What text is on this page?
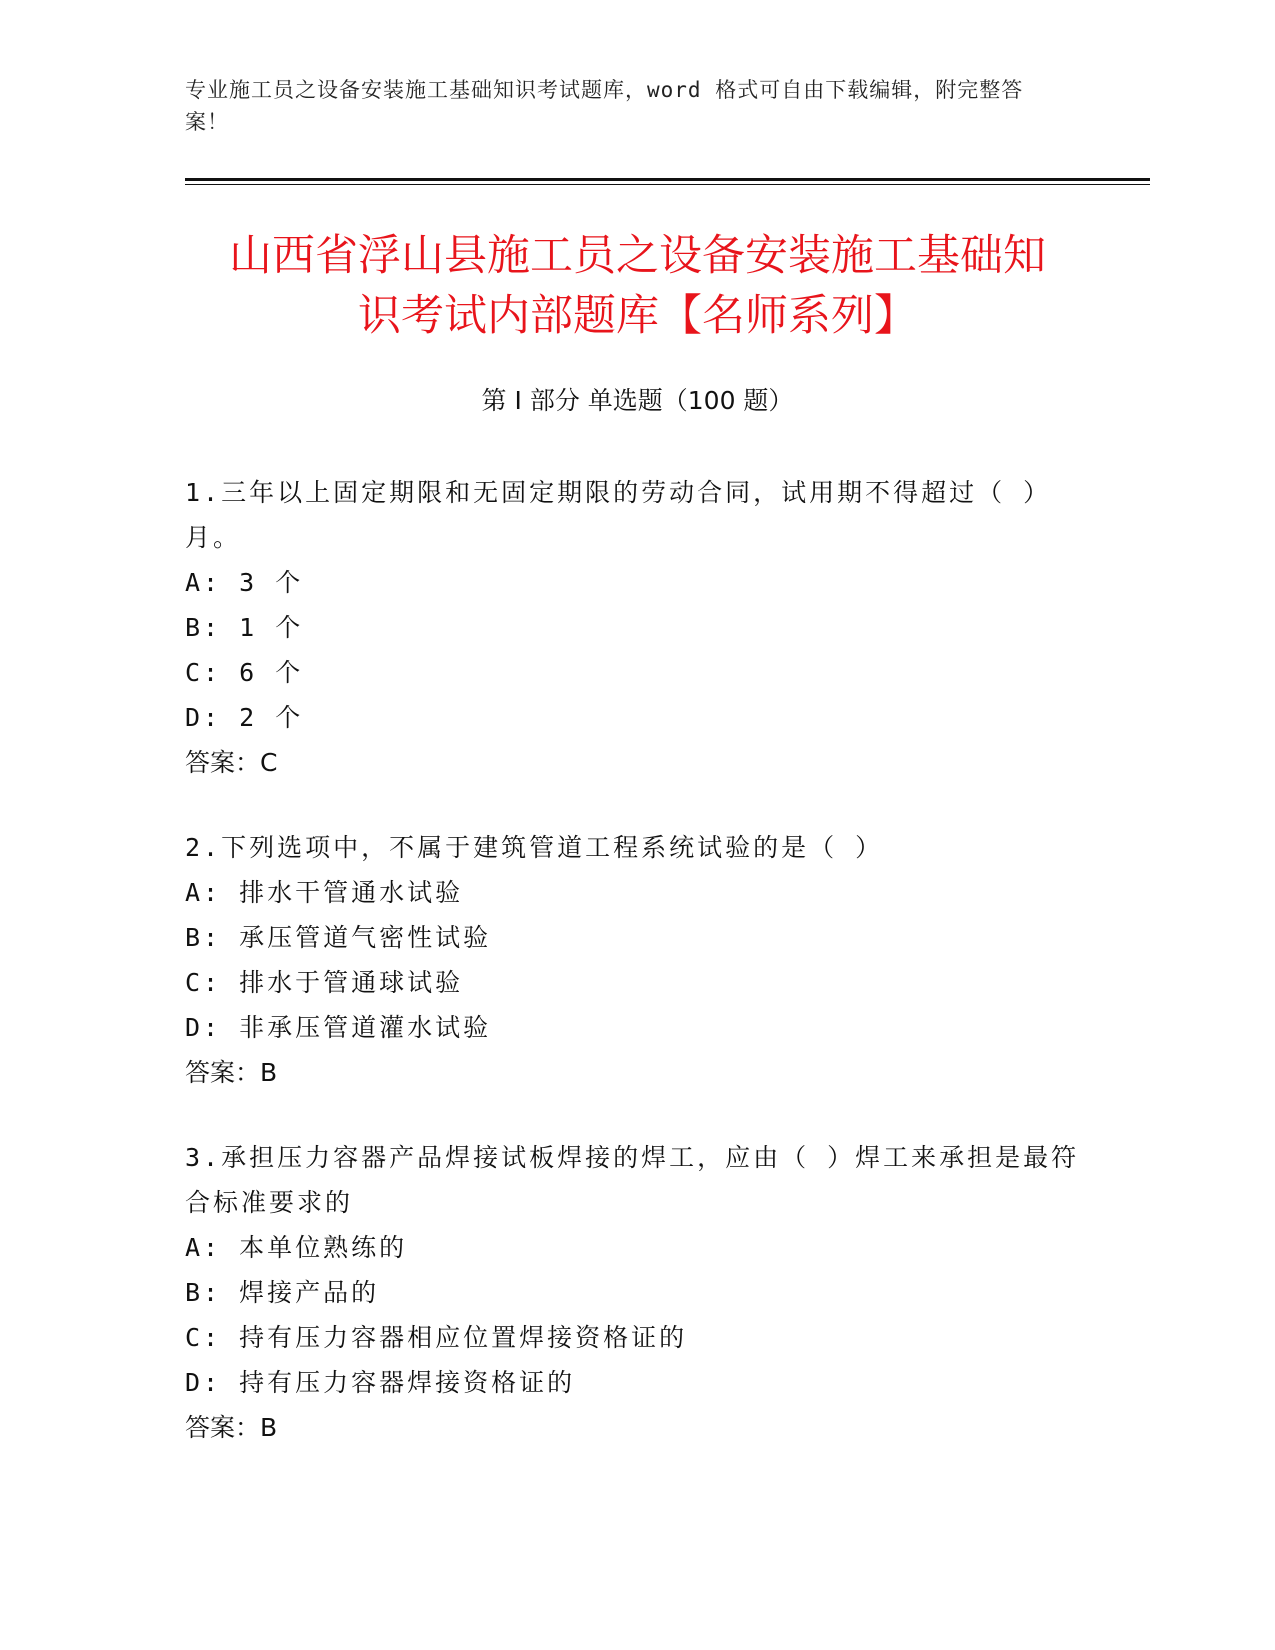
专业施工员之设备安装施工基础知识考试题库，word 格式可自由下载编辑，附完整答案！
山西省浮山县施工员之设备安装施工基础知
识考试内部题库【名师系列】
第 I 部分 单选题（100 题）
1.三年以上固定期限和无固定期限的劳动合同，试用期不得超过（ ）月。
A: 3 个
B: 1 个
C: 6 个
D: 2 个
答案：C
2.下列选项中，不属于建筑管道工程系统试验的是（ ）
A: 排水干管通水试验
B: 承压管道气密性试验
C: 排水于管通球试验
D: 非承压管道灌水试验
答案：B
3.承担压力容器产品焊接试板焊接的焊工，应由（ ）焊工来承担是最符合标准要求的
A: 本单位熟练的
B: 焊接产品的
C: 持有压力容器相应位置焊接资格证的
D: 持有压力容器焊接资格证的
答案：B
